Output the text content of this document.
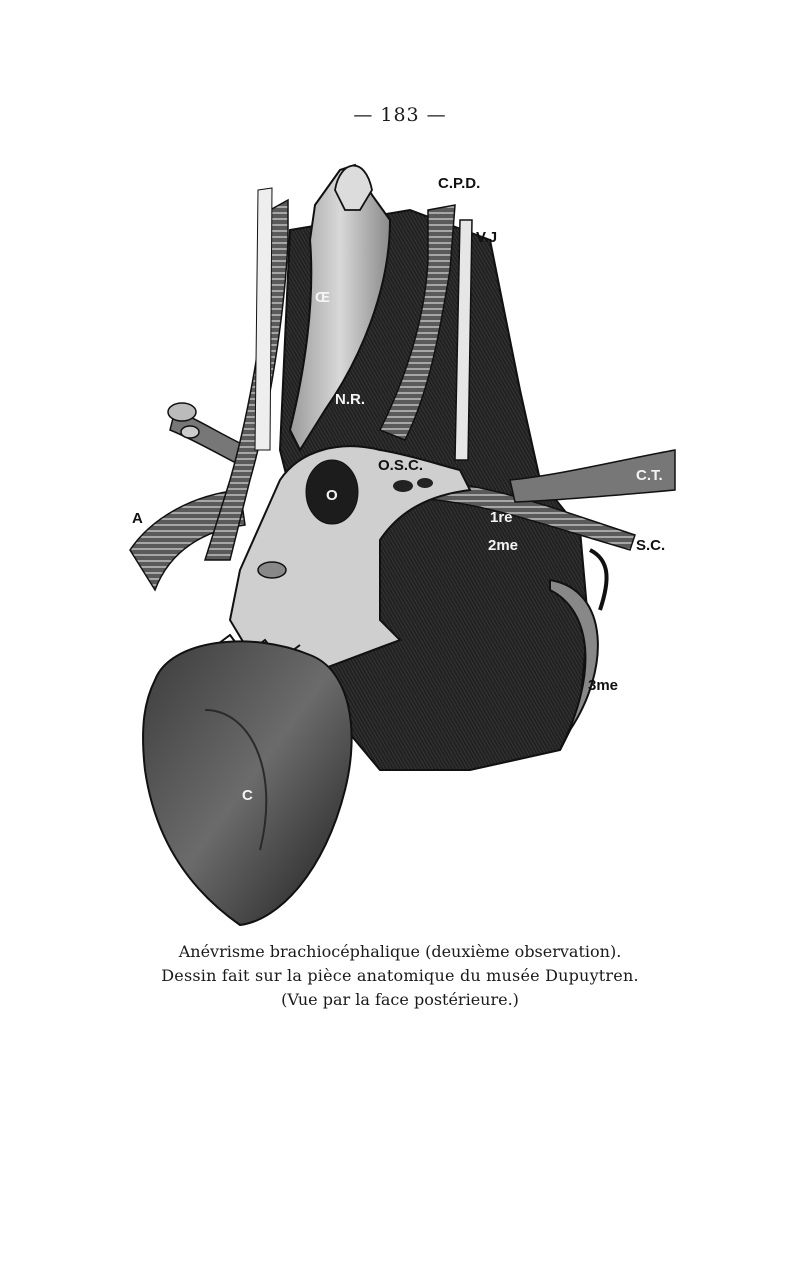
— 183 —
C.P.D.
V.J
Œ
N.R.
O.S.C.
O
A
C.T.
1re
2me	S.C.
3me
C
Anévrisme brachiocéphalique (deuxième observation).
Dessin fait sur la pièce anatomique du musée Dupuytren.
(Vue par la face postérieure.)
